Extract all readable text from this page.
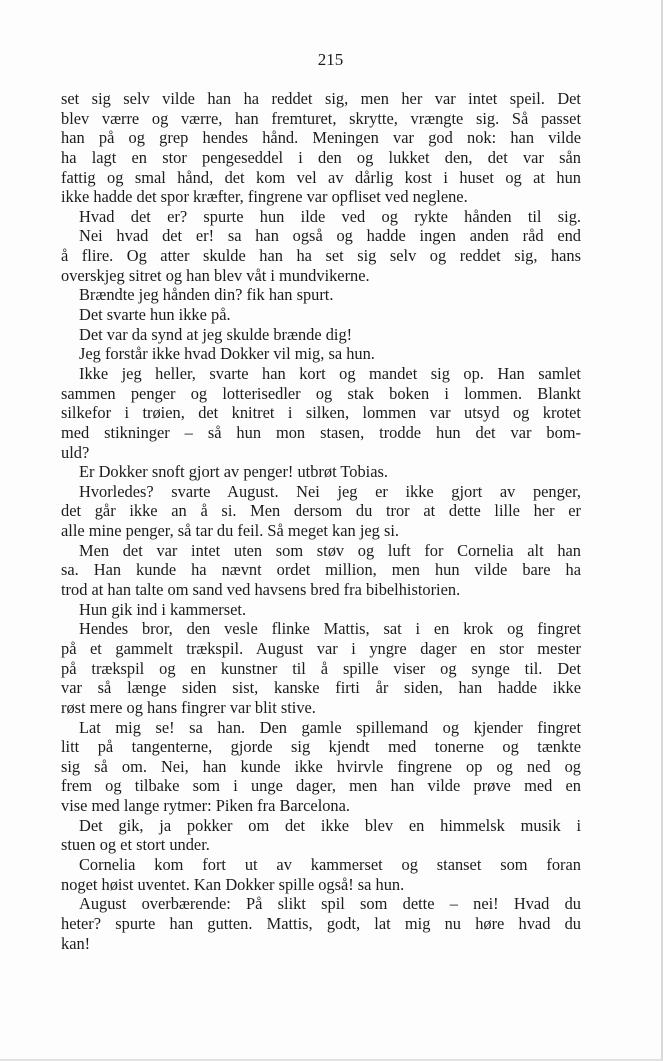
215
set sig selv vilde han ha reddet sig, men her var intet speil. Det
blev værre og værre, han fremturet, skrytte, vrængte sig. Så passet
han på og grep hendes hånd. Meningen var god nok: han vilde
ha lagt en stor pengeseddel i den og lukket den, det var sån
fattig og smal hånd, det kom vel av dårlig kost i huset og at hun
ikke hadde det spor kræfter, fingrene var opfliset ved neglene.
Hvad det er? spurte hun ilde ved og rykte hånden til sig.
Nei hvad det er! sa han også og hadde ingen anden råd end
å flire. Og atter skulde han ha set sig selv og reddet sig, hans
overskjeg sitret og han blev våt i mundvikerne.
Brændte jeg hånden din? fik han spurt.
Det svarte hun ikke på.
Det var da synd at jeg skulde brænde dig!
Jeg forstår ikke hvad Dokker vil mig, sa hun.
Ikke jeg heller, svarte han kort og mandet sig op. Han samlet
sammen penger og lotterisedler og stak boken i lommen. Blankt
silkefor i trøien, det knitret i silken, lommen var utsyd og krotet
med stikninger – så hun mon stasen, trodde hun det var bom-
uld?
Er Dokker snoft gjort av penger! utbrøt Tobias.
Hvorledes? svarte August. Nei jeg er ikke gjort av penger,
det går ikke an å si. Men dersom du tror at dette lille her er
alle mine penger, så tar du feil. Så meget kan jeg si.
Men det var intet uten som støv og luft for Cornelia alt han
sa. Han kunde ha nævnt ordet million, men hun vilde bare ha
trod at han talte om sand ved havsens bred fra bibelhistorien.
Hun gik ind i kammerset.
Hendes bror, den vesle flinke Mattis, sat i en krok og fingret
på et gammelt trækspil. August var i yngre dager en stor mester
på trækspil og en kunstner til å spille viser og synge til. Det
var så længe siden sist, kanske firti år siden, han hadde ikke
røst mere og hans fingrer var blit stive.
Lat mig se! sa han. Den gamle spillemand og kjender fingret
litt på tangenterne, gjorde sig kjendt med tonerne og tænkte
sig så om. Nei, han kunde ikke hvirvle fingrene op og ned og
frem og tilbake som i unge dager, men han vilde prøve med en
vise med lange rytmer: Piken fra Barcelona.
Det gik, ja pokker om det ikke blev en himmelsk musik i
stuen og et stort under.
Cornelia kom fort ut av kammerset og stanset som foran
noget høist uventet. Kan Dokker spille også! sa hun.
August overbærende: På slikt spil som dette – nei! Hvad du
heter? spurte han gutten. Mattis, godt, lat mig nu høre hvad du
kan!
